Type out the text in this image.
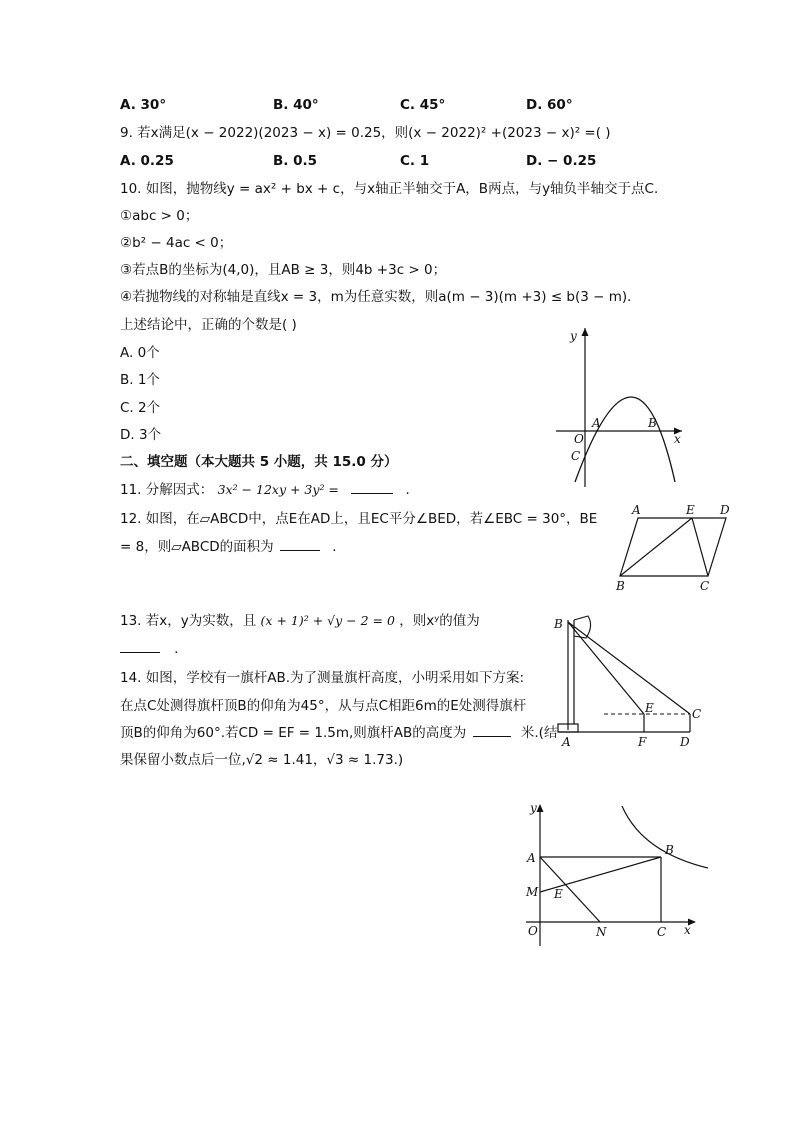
A. 30°	B. 40°	C. 45°	D. 60°
9. 若x满足(x − 2022)(2023 − x) = 0.25，则(x − 2022)² +(2023 − x)² =( )
A. 0.25	B. 0.5	C. 1	D. − 0.25
10. 如图，抛物线y = ax² + bx + c，与x轴正半轴交于A，B两点，与y轴负半轴交于点C．
①abc > 0；
②b² − 4ac < 0；
③若点B的坐标为(4,0)，且AB ≥ 3，则4b +3c > 0；
④若抛物线的对称轴是直线x = 3，m为任意实数，则a(m − 3)(m +3) ≤ b(3 − m)．
上述结论中，正确的个数是( )
A. 0个
B. 1个
C. 2个
D. 3个
y
x
O
A	B
C
二、填空题（本大题共 5 小题，共 15.0 分）
11. 分解因式： 3x² − 12xy + 3y² =	．
12. 如图，在▱ABCD中，点E在AD上，且EC平分∠BED，若∠EBC = 30°，BE
= 8，则▱ABCD的面积为	．
A	E D
B	C
13. 若x，y为实数，且 (x + 1)² + √y − 2 = 0 ，则xʸ的值为
．
14. 如图，学校有一旗杆AB.为了测量旗杆高度，小明采用如下方案:
在点C处测得旗杆顶B的仰角为45°，从与点C相距6m的E处测得旗杆
顶B的仰角为60°.若CD = EF = 1.5m,则旗杆AB的高度为	米.(结
果保留小数点后一位,√2 ≈ 1.41，√3 ≈ 1.73.)
B
E	C
A	F	D
y
x
O	N	C
A
B
M E
